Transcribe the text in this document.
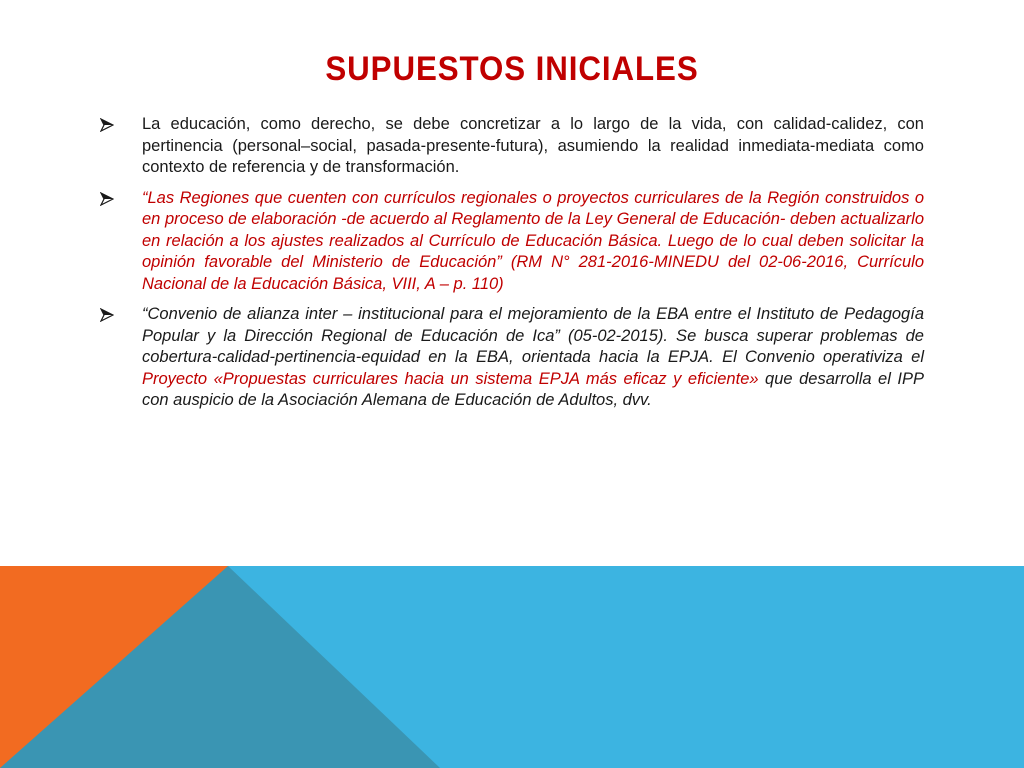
SUPUESTOS INICIALES
La educación, como derecho, se debe concretizar a lo largo de la vida, con calidad-calidez, con pertinencia (personal–social, pasada-presente-futura), asumiendo la realidad inmediata-mediata como contexto de referencia y de transformación.
“Las Regiones que cuenten con currículos regionales o proyectos curriculares de la Región construidos o en proceso de elaboración -de acuerdo al Reglamento de la Ley General de Educación- deben actualizarlo en relación a los ajustes realizados al Currículo de Educación Básica. Luego de lo cual deben solicitar la opinión favorable del Ministerio de Educación” (RM N° 281-2016-MINEDU del 02-06-2016, Currículo Nacional de la Educación Básica, VIII, A – p. 110)
“Convenio de alianza inter – institucional para el mejoramiento de la EBA entre el Instituto de Pedagogía Popular y la Dirección Regional de Educación de Ica” (05-02-2015). Se busca superar problemas de cobertura-calidad-pertinencia-equidad en la EBA, orientada hacia la EPJA. El Convenio operativiza el Proyecto «Propuestas curriculares hacia un sistema EPJA más eficaz y eficiente» que desarrolla el IPP con auspicio de la Asociación Alemana de Educación de Adultos, dvv.
